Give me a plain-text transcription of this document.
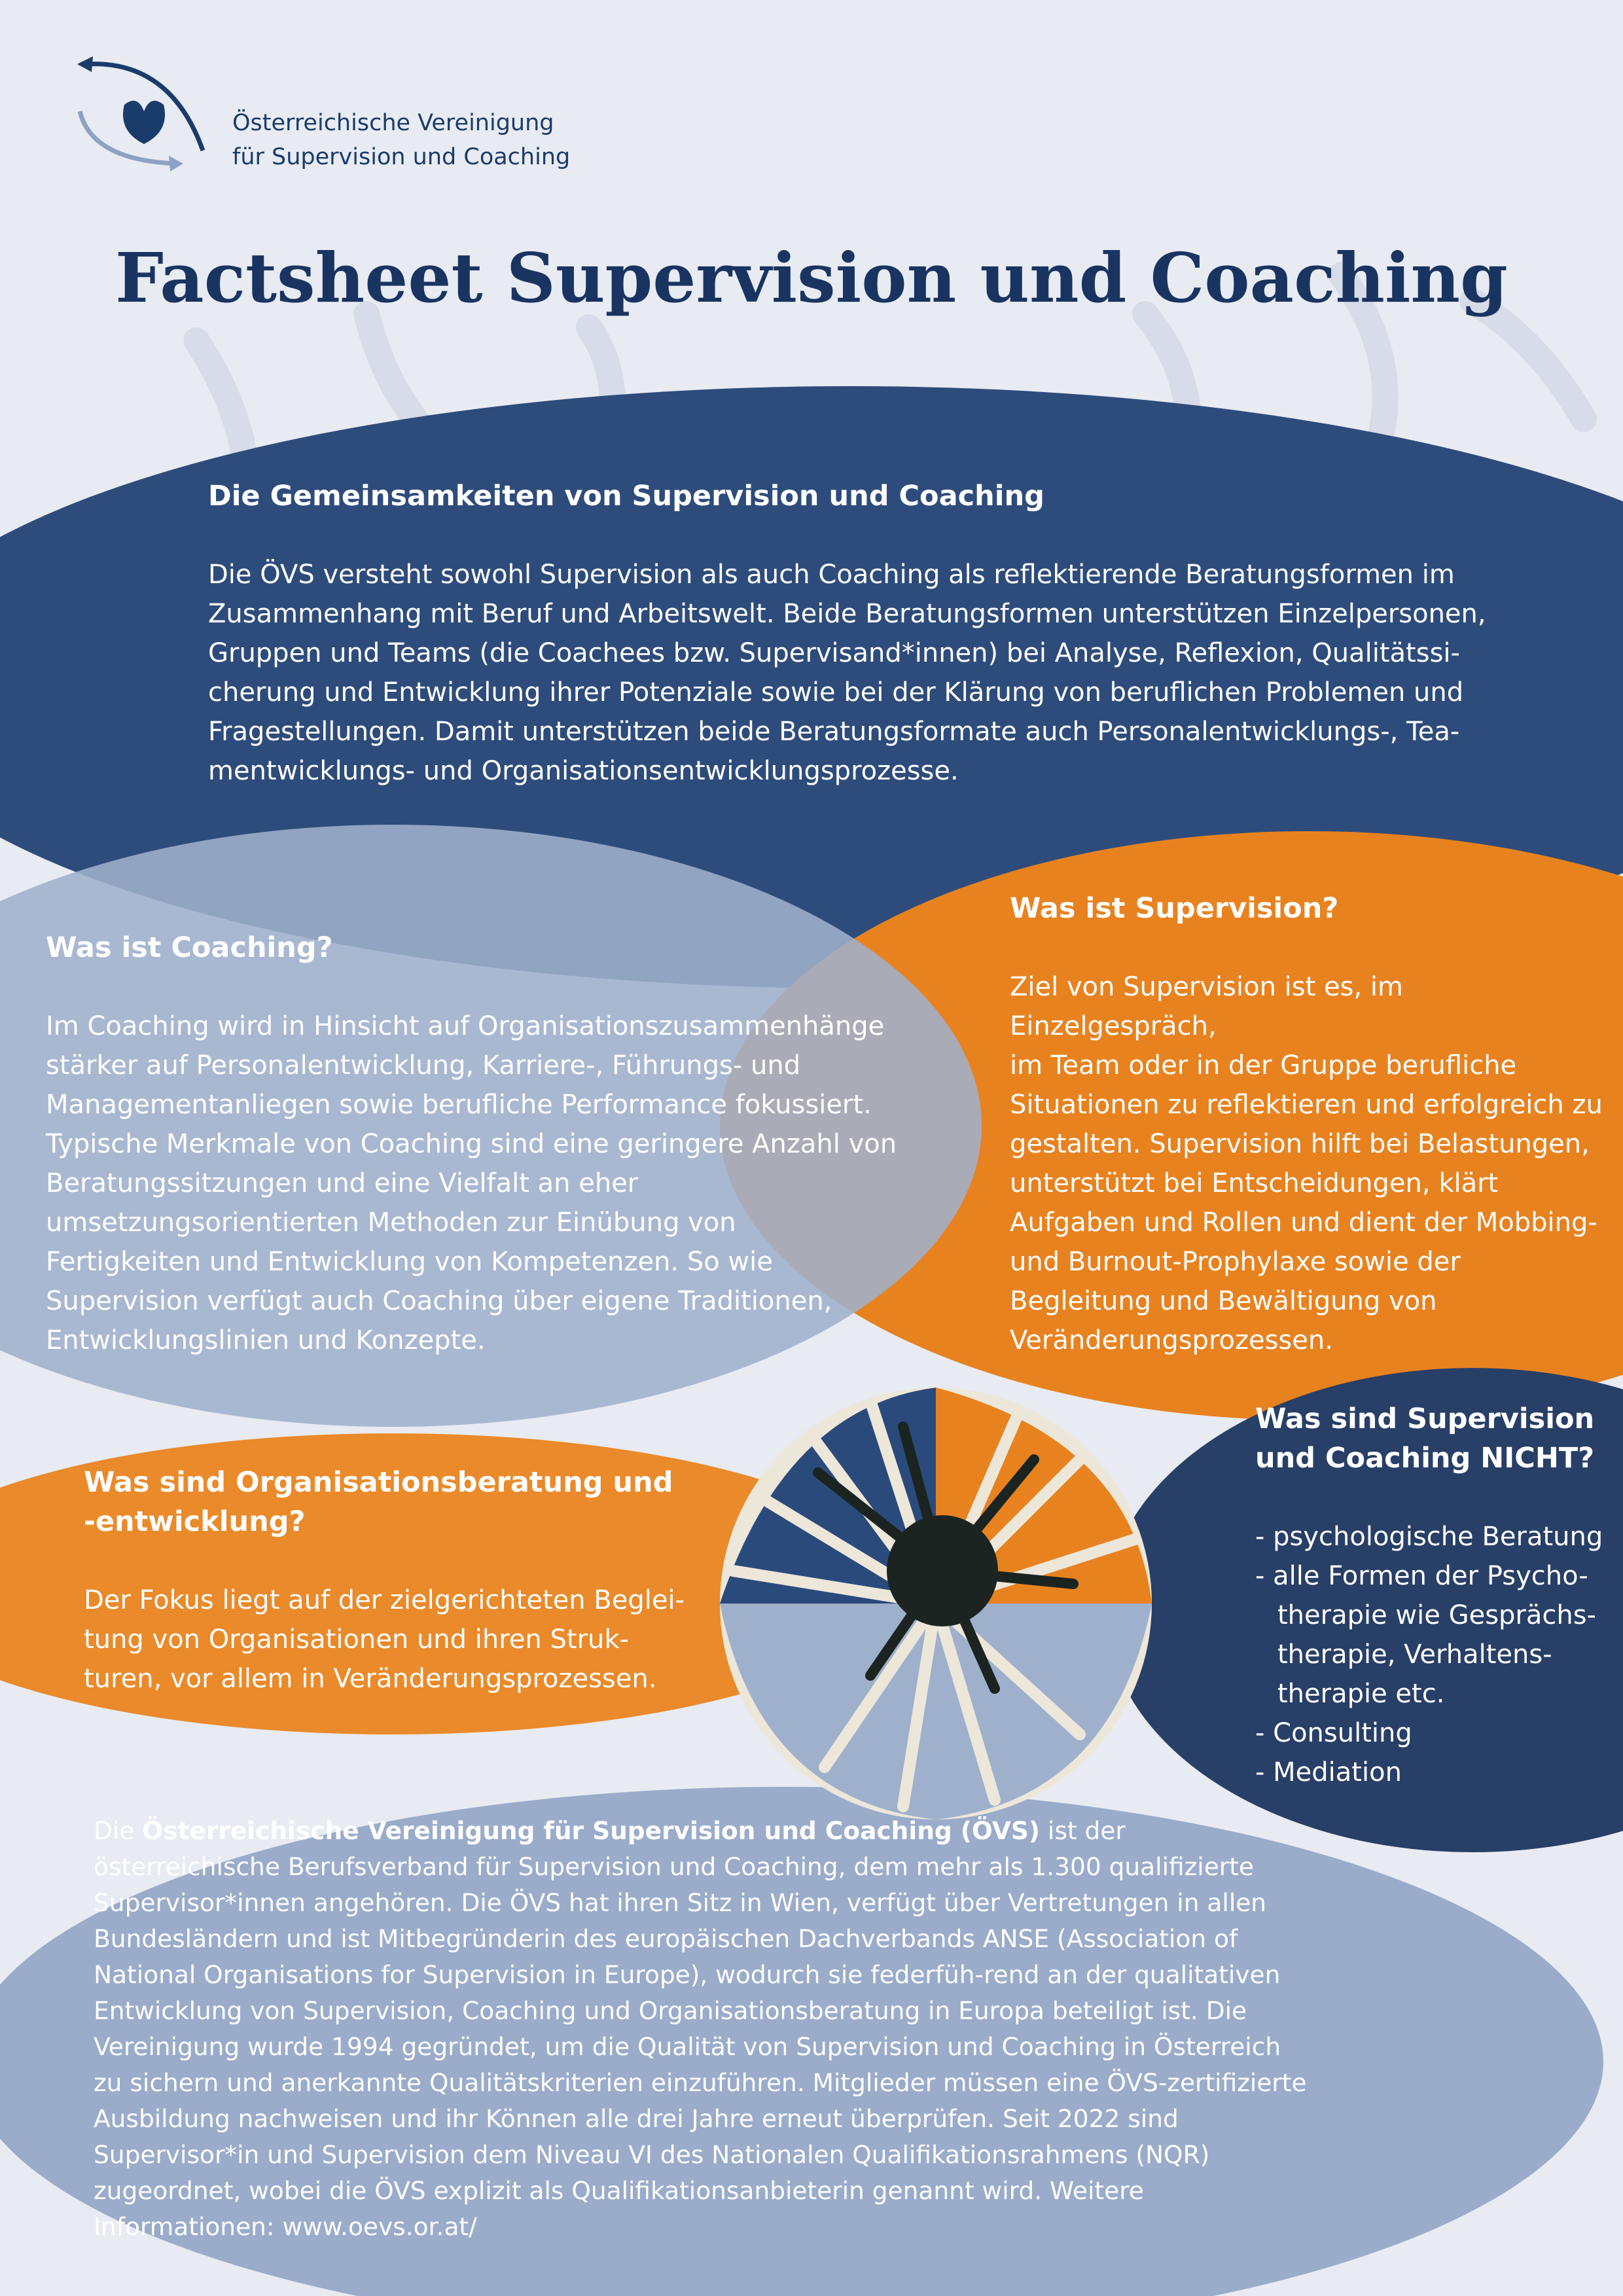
Österreichische Vereinigung
für Supervision und Coaching
Factsheet Supervision und Coaching
Die Gemeinsamkeiten von Supervision und Coaching
Die ÖVS versteht sowohl Supervision als auch Coaching als reflektierende Beratungsformen im
Zusammenhang mit Beruf und Arbeitswelt. Beide Beratungsformen unterstützen Einzelpersonen,
Gruppen und Teams (die Coachees bzw. Supervisand*innen) bei Analyse, Reflexion, Qualitätssi-
cherung und Entwicklung ihrer Potenziale sowie bei der Klärung von beruflichen Problemen und
Fragestellungen. Damit unterstützen beide Beratungsformate auch Personalentwicklungs-, Tea-
mentwicklungs- und Organisationsentwicklungsprozesse.
Was ist Coaching?
Im Coaching wird in Hinsicht auf Organisationszusammenhänge
stärker auf Personalentwicklung, Karriere-, Führungs- und
Managementanliegen sowie berufliche Performance fokussiert.
Typische Merkmale von Coaching sind eine geringere Anzahl von
Beratungssitzungen und eine Vielfalt an eher
umsetzungsorientierten Methoden zur Einübung von
Fertigkeiten und Entwicklung von Kompetenzen. So wie
Supervision verfügt auch Coaching über eigene Traditionen,
Entwicklungslinien und Konzepte.
Was ist Supervision?
Ziel von Supervision ist es, im Einzelgespräch,
im Team oder in der Gruppe berufliche
Situationen zu reflektieren und erfolgreich zu
gestalten. Supervision hilft bei Belastungen,
unterstützt bei Entscheidungen, klärt
Aufgaben und Rollen und dient der Mobbing-
und Burnout-Prophylaxe sowie der
Begleitung und Bewältigung von
Veränderungsprozessen.
Was sind Organisationsberatung und
-entwicklung?
Der Fokus liegt auf der zielgerichteten Beglei-
tung von Organisationen und ihren Struk-
turen, vor allem in Veränderungsprozessen.
Was sind Supervision
und Coaching NICHT?
- psychologische Beratung
- alle Formen der Psycho- therapie wie Gesprächs- therapie, Verhaltens- therapie etc.
- Consulting
- Mediation
Die Österreichische Vereinigung für Supervision und Coaching (ÖVS) ist der österreichische Berufsverband für Supervision und Coaching, dem mehr als 1.300 qualifizierte Supervisor*innen angehören. Die ÖVS hat ihren Sitz in Wien, verfügt über Vertretungen in allen Bundesländern und ist Mitbegründerin des europäischen Dachverbands ANSE (Association of National Organisations for Supervision in Europe), wodurch sie federfüh-rend an der qualitativen Entwicklung von Supervision, Coaching und Organisationsberatung in Europa beteiligt ist. Die Vereinigung wurde 1994 gegründet, um die Qualität von Supervision und Coaching in Österreich zu sichern und anerkannte Qualitätskriterien einzuführen. Mitglieder müssen eine ÖVS-zertifizierte Ausbildung nachweisen und ihr Können alle drei Jahre erneut überprüfen. Seit 2022 sind Supervisor*in und Supervision dem Niveau VI des Nationalen Qualifikationsrahmens (NQR) zugeordnet, wobei die ÖVS explizit als Qualifikationsanbieterin genannt wird. Weitere Informationen: www.oevs.or.at/
